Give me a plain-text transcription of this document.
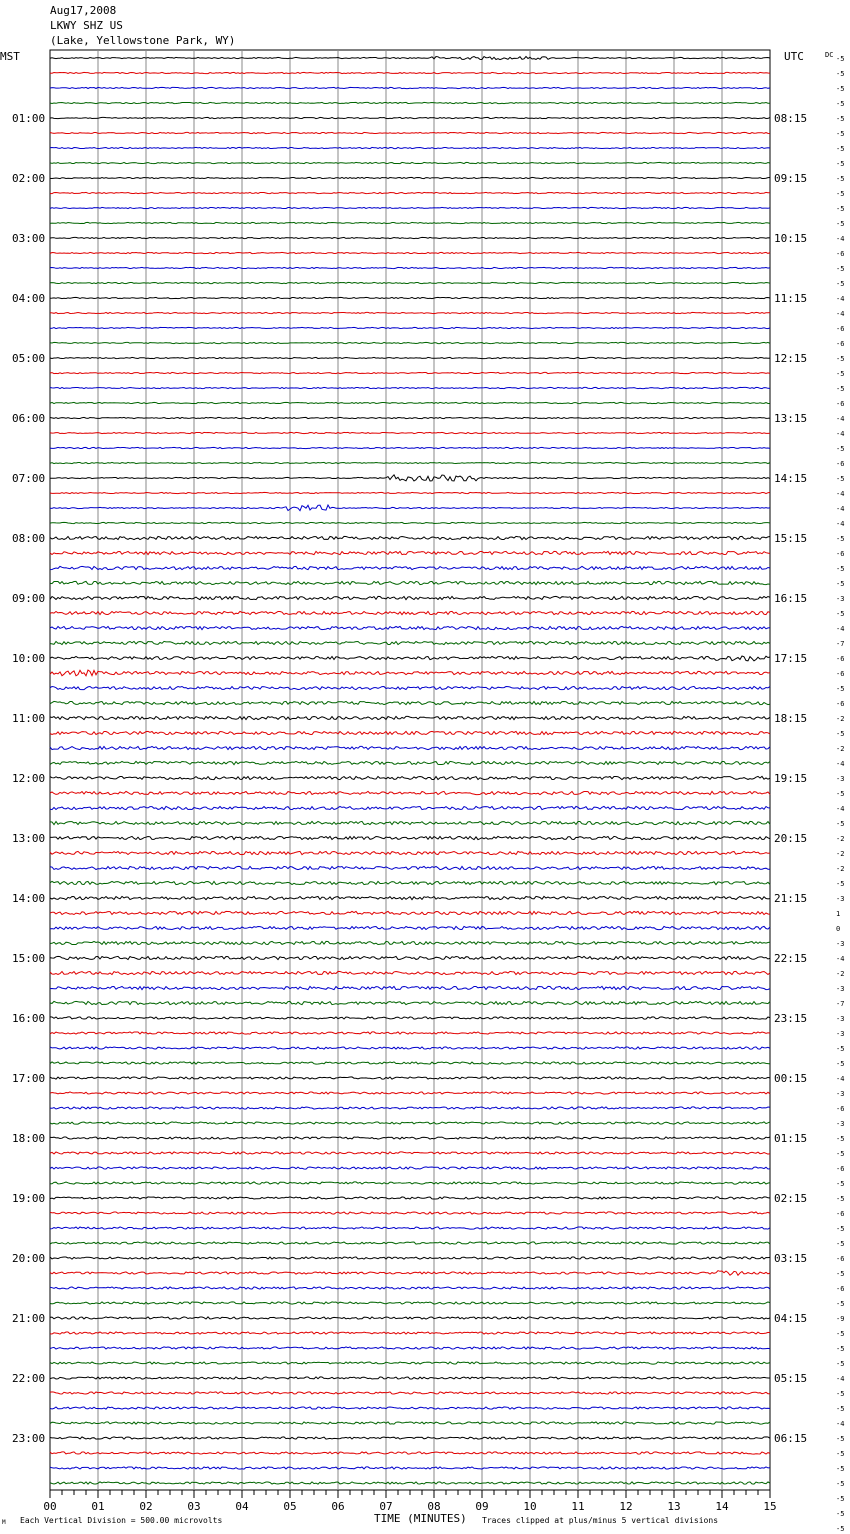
Aug17,2008
LKWY SHZ US
(Lake, Yellowstone Park, WY)
MST	UTC	DC
01:00
02:00
03:00
04:00
05:00
06:00
07:00
08:00
09:00
10:00
11:00
12:00
13:00
14:00
15:00
16:00
17:00
18:00
19:00
20:00
21:00
22:00
23:00
08:15
09:15
10:15
11:15
12:15
13:15
14:15
15:15
16:15
17:15
18:15
19:15
20:15
21:15
22:15
23:15
00:15
01:15
02:15
03:15
04:15
05:15
06:15
-5
-5
-5
-5
-5
-5
-5
-5
-5
-5
-5
-5
-4
-6
-5
-5
-4
-4
-6
-6
-5
-5
-5
-6
-4
-4
-5
-6
-5
-4
-4
-4
-5
-6
-5
-5
-3
-5
-4
-7
-6
-6
-5
-6
-2
-5
-2
-4
-3
-5
-4
-5
-2
-2
-2
-5
-3
1
0
-3
-4
-2
-3
-7
-3
-3
-5
-5
-4
-3
-6
-3
-5
-5
-6
-5
-5
-6
-5
-5
-6
-5
-6
-5
-9
-5
-5
-5
-4
-5
-5
-4
-5
-5
-5
-5
-5
-5
-5
00	01	02	03	04	05	06	07	08	09	10	11	12	13	14	15
TIME (MINUTES)
Each Vertical Division = 500.00 microvolts	Traces clipped at plus/minus 5 vertical divisions
M
